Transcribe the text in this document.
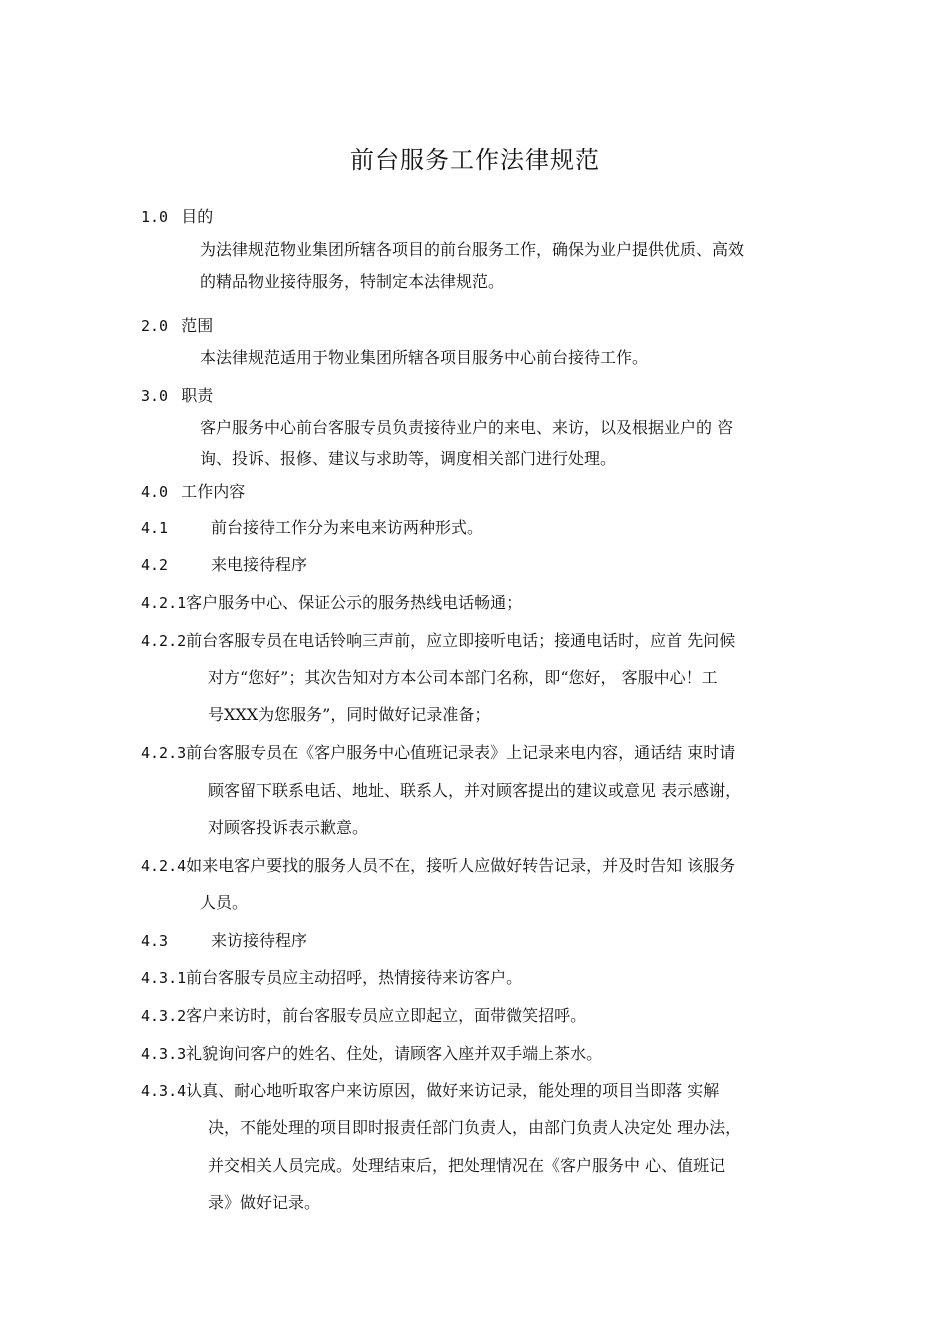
前台服务工作法律规范
1.0 目的
为法律规范物业集团所辖各项目的前台服务工作，确保为业户提供优质、高效
的精品物业接待服务，特制定本法律规范。
2.0 范围
本法律规范适用于物业集团所辖各项目服务中心前台接待工作。
3.0 职责
客户服务中心前台客服专员负责接待业户的来电、来访，以及根据业户的 咨
询、投诉、报修、建议与求助等，调度相关部门进行处理。
4.0 工作内容
4.1	前台接待工作分为来电来访两种形式。
4.2	来电接待程序
4.2.1客户服务中心、保证公示的服务热线电话畅通；
4.2.2前台客服专员在电话铃响三声前，应立即接听电话；接通电话时，应首 先问候
对方“您好”；其次告知对方本公司本部门名称，即“您好， 客服中心！工
号XXX为您服务”，同时做好记录准备；
4.2.3前台客服专员在《客户服务中心值班记录表》上记录来电内容，通话结 束时请
顾客留下联系电话、地址、联系人，并对顾客提出的建议或意见 表示感谢，
对顾客投诉表示歉意。
4.2.4如来电客户要找的服务人员不在，接听人应做好转告记录，并及时告知 该服务
人员。
4.3	来访接待程序
4.3.1前台客服专员应主动招呼，热情接待来访客户。
4.3.2客户来访时，前台客服专员应立即起立，面带微笑招呼。
4.3.3礼貌询问客户的姓名、住处，请顾客入座并双手端上茶水。
4.3.4认真、耐心地听取客户来访原因，做好来访记录，能处理的项目当即落 实解
决，不能处理的项目即时报责任部门负责人，由部门负责人决定处 理办法，
并交相关人员完成。处理结束后，把处理情况在《客户服务中 心、值班记
录》做好记录。
